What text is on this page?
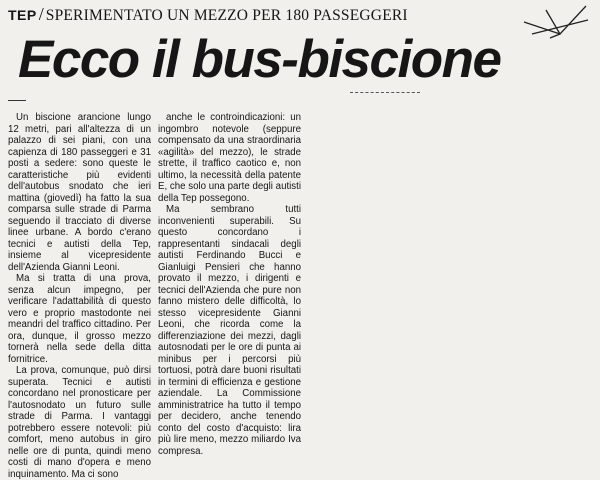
TEP / SPERIMENTATO UN MEZZO PER 180 PASSEGGERI
Ecco il bus-biscione

Un biscione arancione lungo 12 metri, pari all'altezza di un palazzo di sei piani, con una capienza di 180 passeggeri e 31 posti a sedere: sono queste le caratteristiche più evidenti dell'autobus snodato che ieri mattina (giovedì) ha fatto la sua comparsa sulle strade di Parma seguendo il tracciato di diverse linee urbane. A bordo c'erano tecnici e autisti della Tep, insieme al vicepresidente dell'Azienda Gianni Leoni.

Ma si tratta di una prova, senza alcun impegno, per verificare l'adattabilità di questo vero e proprio mastodonte nei meandri del traffico cittadino. Per ora, dunque, il grosso mezzo tornerà nella sede della ditta fornitrice.

La prova, comunque, può dirsi superata. Tecnici e autisti concordano nel pronosticare per l'autosnodato un futuro sulle strade di Parma. I vantaggi potrebbero essere notevoli: più comfort, meno autobus in giro nelle ore di punta, quindi meno costi di mano d'opera e meno inquinamento. Ma ci sono

anche le controindicazioni: un ingombro notevole (seppure compensato da una straordinaria «agilità» del mezzo), le strade strette, il traffico caotico e, non ultimo, la necessità della patente E, che solo una parte degli autisti della Tep possegono.

Ma sembrano tutti inconvenienti superabili. Su questo concordano i rappresentanti sindacali degli autisti Ferdinando Bucci e Gianluigi Pensieri che hanno provato il mezzo, i dirigenti e tecnici dell'Azienda che pure non fanno mistero delle difficoltà, lo stesso vicepresidente Gianni Leoni, che ricorda come la differenziazione dei mezzi, dagli autosnodati per le ore di punta ai minibus per i percorsi più tortuosi, potrà dare buoni risultati in termini di efficienza e gestione aziendale. La Commissione amministratrice ha tutto il tempo per decidero, anche tenendo conto del costo d'acquisto: lira più lire meno, mezzo miliardo Iva compresa.
